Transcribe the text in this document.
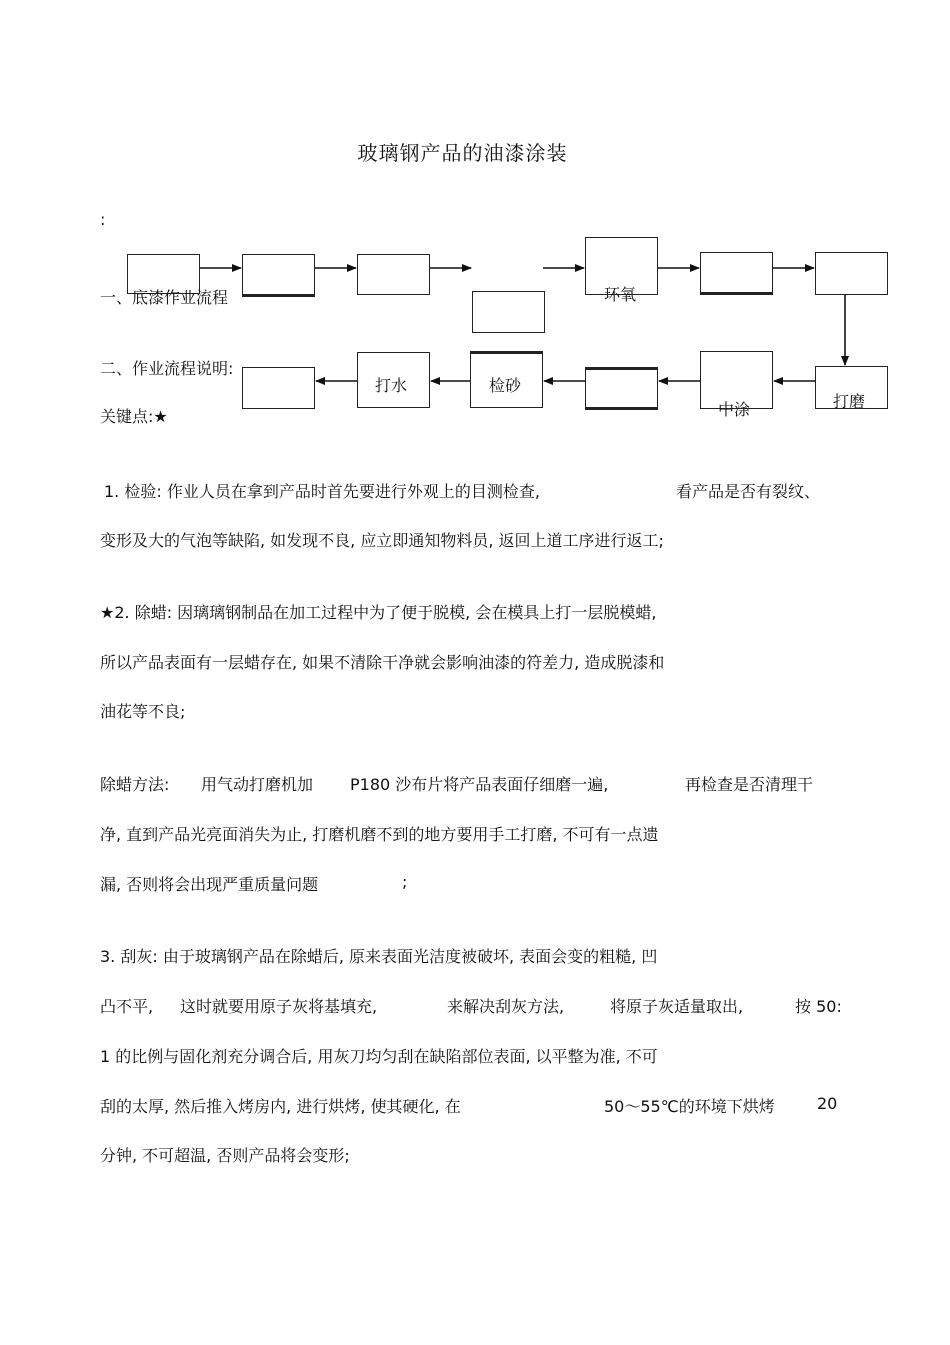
玻璃钢产品的油漆涂装
:
环氧
打磨
中涂
检砂
打水
一、底漆作业流程
二、作业流程说明:
关键点:★
1. 检验: 作业人员在拿到产品时首先要进行外观上的目测检查,	看产品是否有裂纹、
变形及大的气泡等缺陷, 如发现不良, 应立即通知物料员, 返回上道工序进行返工;
★2. 除蜡: 因璃璃钢制品在加工过程中为了便于脱模, 会在模具上打一层脱模蜡,
所以产品表面有一层蜡存在, 如果不清除干净就会影响油漆的符差力, 造成脱漆和
油花等不良;
除蜡方法: 用气动打磨机加 P180 沙布片将产品表面仔细磨一遍,	再检查是否清理干
净, 直到产品光亮面消失为止, 打磨机磨不到的地方要用手工打磨, 不可有一点遗
漏, 否则将会出现严重质量问题	;
3. 刮灰: 由于玻璃钢产品在除蜡后, 原来表面光洁度被破坏, 表面会变的粗糙, 凹
凸不平, 这时就要用原子灰将基填充,	来解决刮灰方法,	将原子灰适量取出,	按 50:
1 的比例与固化剂充分调合后, 用灰刀均匀刮在缺陷部位表面, 以平整为准, 不可
刮的太厚, 然后推入烤房内, 进行烘烤, 使其硬化, 在	50～55℃的环境下烘烤	20
分钟, 不可超温, 否则产品将会变形;
